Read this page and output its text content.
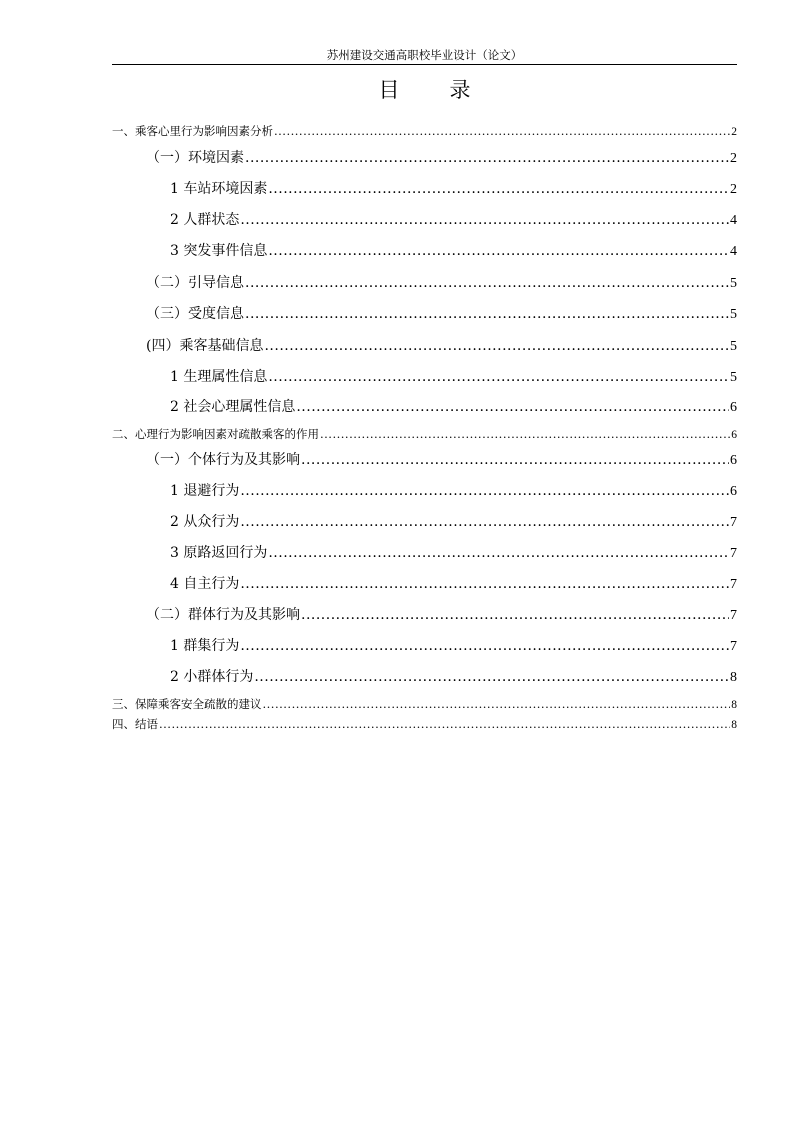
苏州建设交通高职校毕业设计（论文）
目 录
一、乘客心里行为影响因素分析 .....	2
（一）环境因素 .....	2
1 车站环境因素 .....	2
2 人群状态 .....	4
3 突发事件信息 .....	4
（二）引导信息 .....	5
（三）受度信息 .....	5
(四）乘客基础信息 .....	5
1 生理属性信息 .....	5
2 社会心理属性信息 .....	6
二、心理行为影响因素对疏散乘客的作用 .....	6
（一）个体行为及其影响 .....	6
1 退避行为 .....	6
2 从众行为 .....	7
3 原路返回行为 .....	7
4 自主行为 .....	7
（二）群体行为及其影响 .....	7
1 群集行为 .....	7
2 小群体行为 .....	8
三、保障乘客安全疏散的建议 .....	8
四、结语 .....	8
